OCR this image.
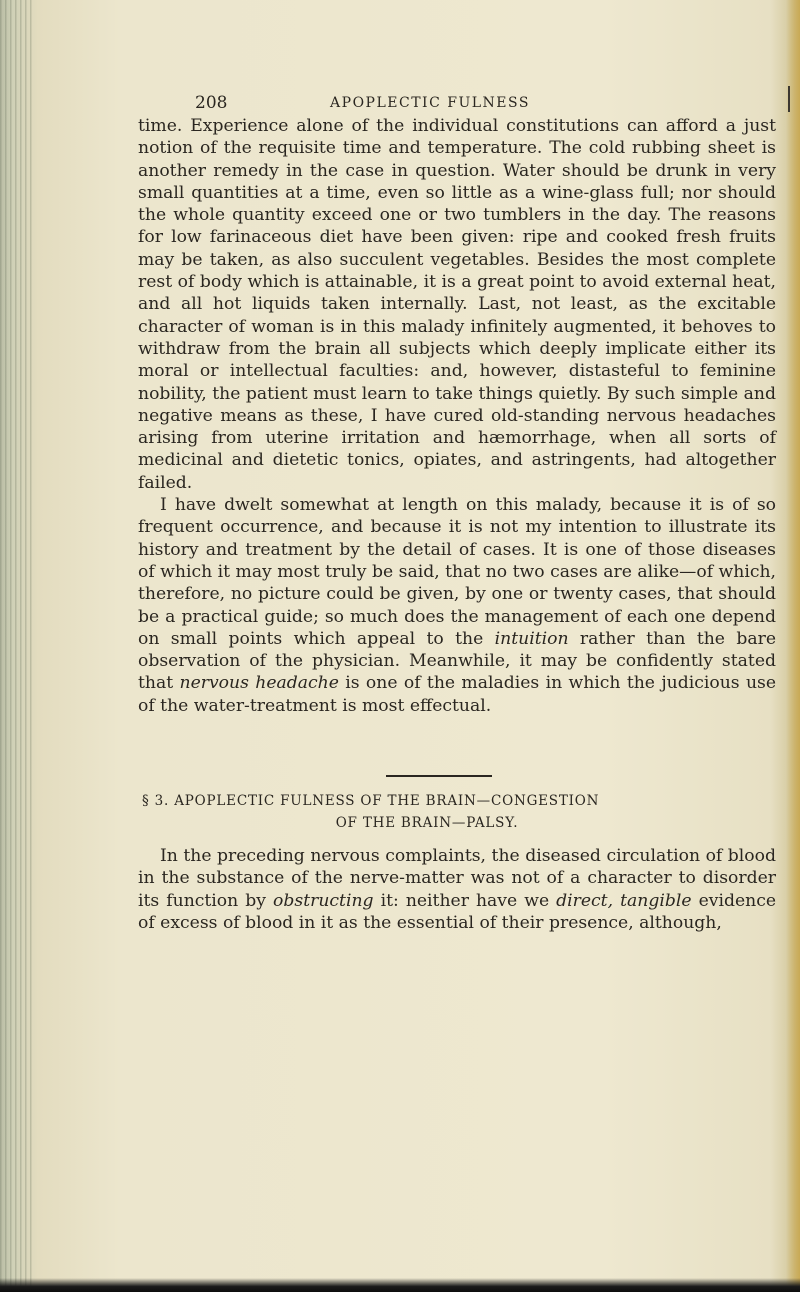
208	APOPLECTIC FULNESS

time. Experience alone of the individual constitutions can afford a just notion of the requisite time and temperature. The cold rubbing sheet is another remedy in the case in question. Water should be drunk in very small quantities at a time, even so little as a wine-glass full; nor should the whole quantity exceed one or two tumblers in the day. The reasons for low farinaceous diet have been given: ripe and cooked fresh fruits may be taken, as also succulent vegetables. Besides the most complete rest of body which is attainable, it is a great point to avoid external heat, and all hot liquids taken internally. Last, not least, as the excitable character of woman is in this malady infinitely augmented, it behoves to withdraw from the brain all subjects which deeply implicate either its moral or intellectual faculties: and, however, distasteful to feminine nobility, the patient must learn to take things quietly. By such simple and negative means as these, I have cured old-standing nervous headaches arising from uterine irritation and hæmorrhage, when all sorts of medicinal and dietetic tonics, opiates, and astringents, had altogether failed.

I have dwelt somewhat at length on this malady, because it is of so frequent occurrence, and because it is not my intention to illustrate its history and treatment by the detail of cases. It is one of those diseases of which it may most truly be said, that no two cases are alike—of which, therefore, no picture could be given, by one or twenty cases, that should be a practical guide; so much does the management of each one depend on small points which appeal to the intuition rather than the bare observation of the physician. Meanwhile, it may be confidently stated that nervous headache is one of the maladies in which the judicious use of the water-treatment is most effectual.

§ 3. APOPLECTIC FULNESS OF THE BRAIN—CONGESTION
OF THE BRAIN—PALSY.

In the preceding nervous complaints, the diseased circulation of blood in the substance of the nerve-matter was not of a character to disorder its function by obstructing it: neither have we direct, tangible evidence of excess of blood in it as the essential of their presence, although,
